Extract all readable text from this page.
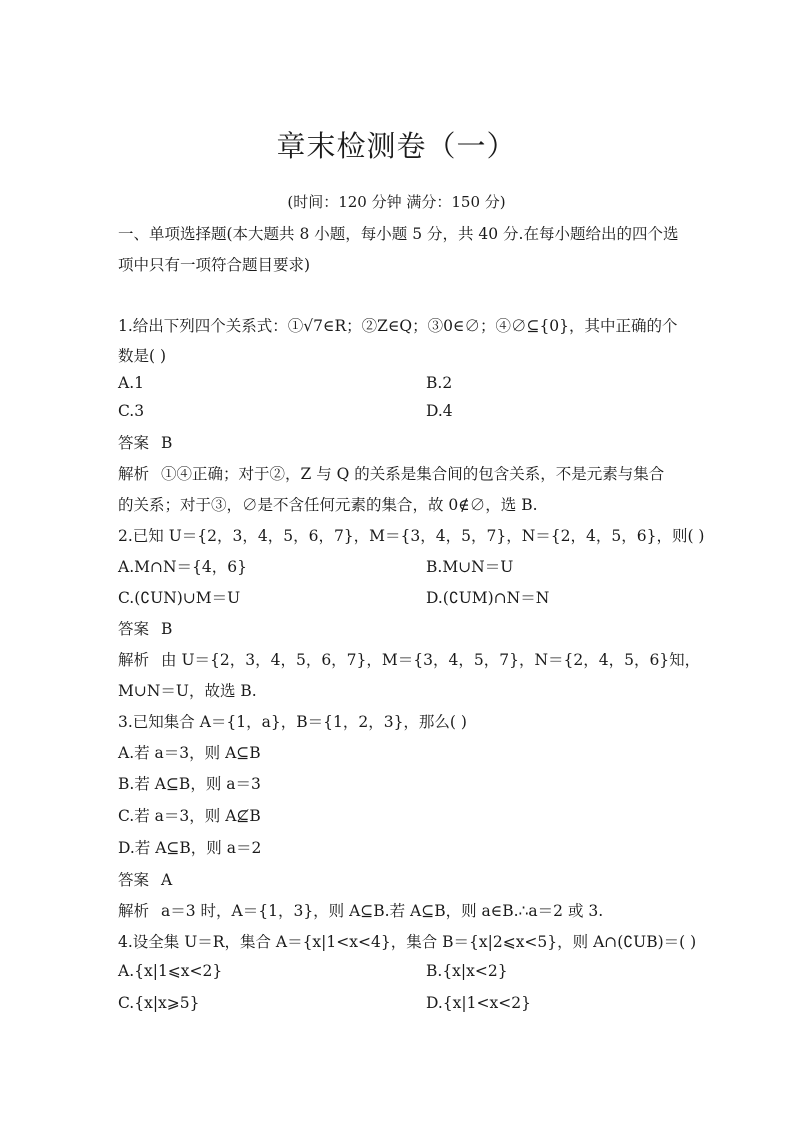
章末检测卷（一）
(时间：120 分钟 满分：150 分)
一、单项选择题(本大题共 8 小题，每小题 5 分，共 40 分.在每小题给出的四个选
项中只有一项符合题目要求)
1.给出下列四个关系式：①√7∈R；②Z∈Q；③0∈∅；④∅⊆{0}，其中正确的个
数是( )
A.1	B.2
C.3	D.4
答案 B
解析 ①④正确；对于②，Z 与 Q 的关系是集合间的包含关系，不是元素与集合
的关系；对于③，∅是不含任何元素的集合，故 0∉∅，选 B.
2.已知 U＝{2，3，4，5，6，7}，M＝{3，4，5，7}，N＝{2，4，5，6}，则( )
A.M∩N＝{4，6}	B.M∪N＝U
C.(∁UN)∪M＝U	D.(∁UM)∩N＝N
答案 B
解析 由 U＝{2，3，4，5，6，7}，M＝{3，4，5，7}，N＝{2，4，5，6}知，
M∪N＝U，故选 B.
3.已知集合 A＝{1，a}，B＝{1，2，3}，那么( )
A.若 a＝3，则 A⊆B
B.若 A⊆B，则 a＝3
C.若 a＝3，则 A⊈B
D.若 A⊆B，则 a＝2
答案 A
解析 a＝3 时，A＝{1，3}，则 A⊆B.若 A⊆B，则 a∈B.∴a＝2 或 3.
4.设全集 U＝R，集合 A＝{x|1<x<4}，集合 B＝{x|2⩽x<5}，则 A∩(∁UB)＝( )
A.{x|1⩽x<2}	B.{x|x<2}
C.{x|x⩾5}	D.{x|1<x<2}
